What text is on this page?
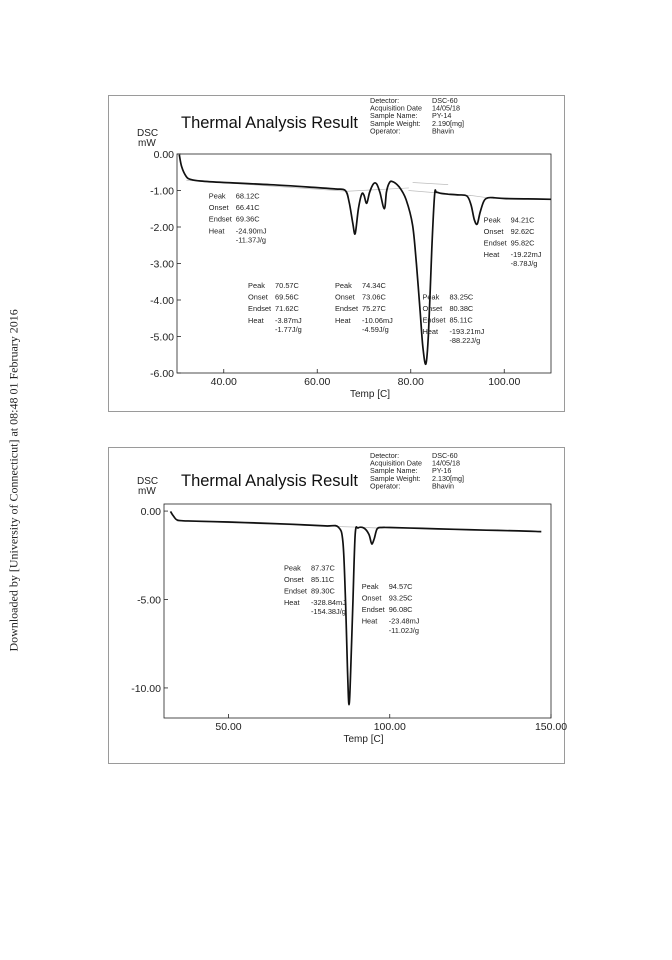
Downloaded by [University of Connecticut] at 08:48 01 February 2016
Thermal Analysis Result
DSC
mW
Detector:	DSC-60
Acquisition Date 14/05/18
Sample Name: PY-14
Sample Weight: 2.190[mg]
Operator:	Bhavin
0.00
-1.00
-2.00
-3.00
-4.00
-5.00
-6.00
40.00	60.00	80.00	100.00
Temp [C]
Peak 68.12C
Onset 66.41C
Endset 69.36C
Heat -24.90mJ
-11.37J/g
Peak 70.57C
Onset 69.56C
Endset 71.62C
Heat -3.87mJ
-1.77J/g
Peak 74.34C
Onset 73.06C
Endset 75.27C
Heat -10.06mJ
-4.59J/g
Peak 83.25C
Onset 80.38C
Endset 85.11C
Heat -193.21mJ
-88.22J/g
Peak 94.21C
Onset 92.62C
Endset 95.82C
Heat -19.22mJ
-8.78J/g
Thermal Analysis Result
DSC
mW
Detector:	DSC-60
Acquisition Date 14/05/18
Sample Name: PY-16
Sample Weight: 2.130[mg]
Operator:	Bhavin
0.00
-5.00
-10.00
50.00	100.00	150.00
Temp [C]
Peak 87.37C
Onset 85.11C
Endset 89.30C
Heat -328.84mJ
-154.38J/g
Peak 94.57C
Onset 93.25C
Endset 96.08C
Heat -23.48mJ
-11.02J/g
